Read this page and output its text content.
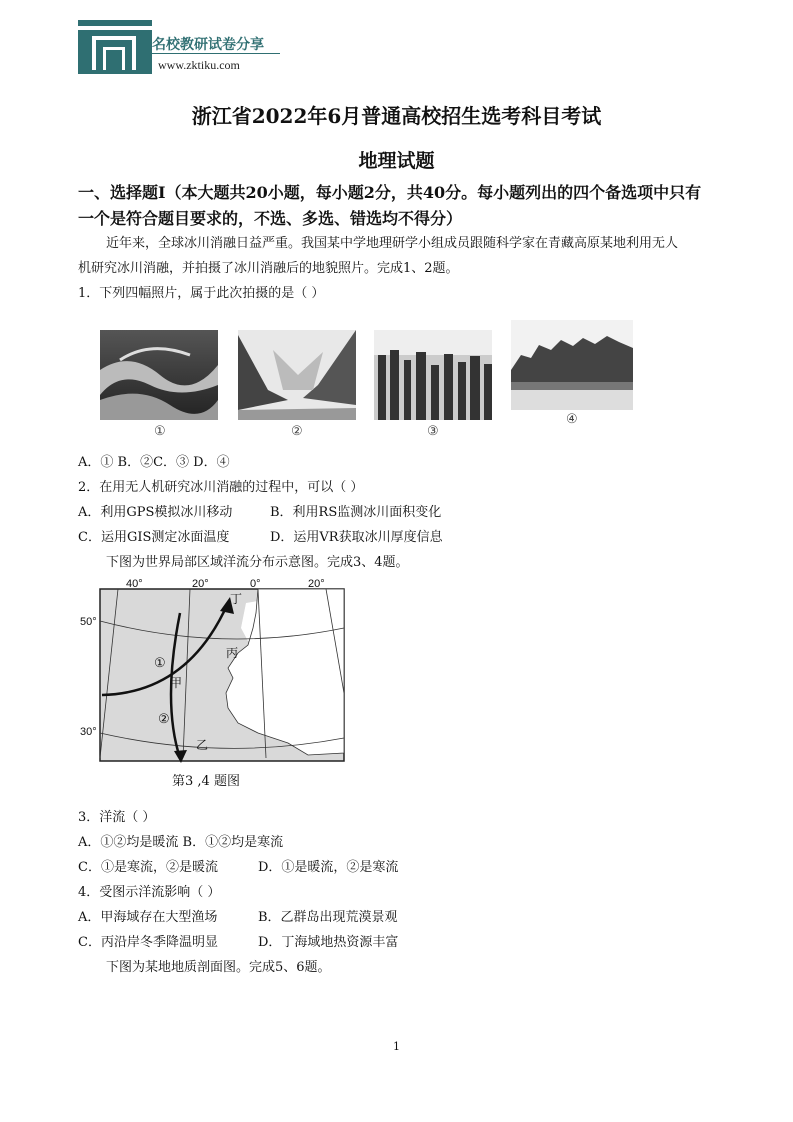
名校教研试卷分享
www.zktiku.com
浙江省2022年6月普通高校招生选考科目考试
地理试题
一、选择题Ⅰ（本大题共20小题，每小题2分，共40分。每小题列出的四个备选项中只有
一个是符合题目要求的，不选、多选、错选均不得分）
近年来，全球冰川消融日益严重。我国某中学地理研学小组成员跟随科学家在青藏高原某地利用无人
机研究冰川消融，并拍摄了冰川消融后的地貌照片。完成1、2题。
1．下列四幅照片，属于此次拍摄的是（ ）
①	②	③
④
A．① B．②C．③ D．④
2．在用无人机研究冰川消融的过程中，可以（ ）
A．利用GPS模拟冰川移动	B．利用RS监测冰川面积变化
C．运用GIS测定冰面温度	D．运用VR获取冰川厚度信息
下图为世界局部区域洋流分布示意图。完成3、4题。
40°	20°	0°	20°
50°
30°
丁
丙
甲
乙
①
②
第3 ,4 题图
3．洋流（ ）
A．①②均是暖流 B．①②均是寒流
C．①是寒流，②是暖流	D．①是暖流，②是寒流
4．受图示洋流影响（ ）
A．甲海域存在大型渔场	B．乙群岛出现荒漠景观
C．丙沿岸冬季降温明显	D．丁海域地热资源丰富
下图为某地地质剖面图。完成5、6题。
1
